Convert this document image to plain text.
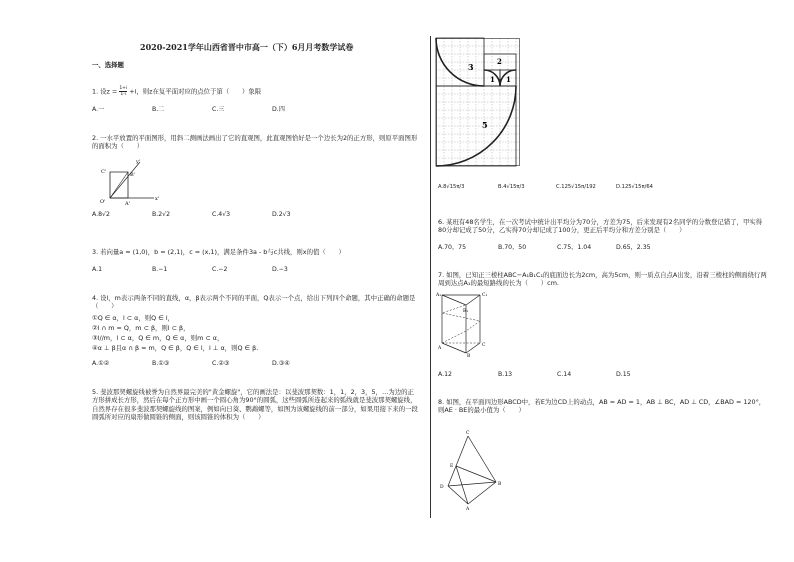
2020-2021学年山西省晋中市高一（下）6月月考数学试卷
一、选择题
1. 设$z = \frac{1+i}{1-i} +i$，则z在复平面对应的点位于第（　　）象限
A.一	B.二	C.三	D.四
2. 一水平放置的平面图形，用斜二测画法画出了它的直观图，此直观图恰好是一个边长为2的正方形，则原平面图形的面积为（　　）
y'
C'	B'
O'	A'
x'
A.8√2	B.2√2	C.4√3	D.2√3
3. 若向量a = (1,0)，b = (2,1)，c = (x,1)，满足条件3a - b与c共线，则x的值（　　）
A.1	B.−1	C.−2	D.−3
4. 设l，m表示两条不同的直线，α，β表示两个不同的平面，Q表示一个点，给出下列四个命题，其中正确的命题是（　　）
①Q ∈ α，l ⊂ α，则Q ∈ l，
②l ∩ m = Q，m ⊂ β，则l ⊂ β，
③l//m，l ⊂ α，Q ∈ m，Q ∈ α，则m ⊂ α，
④α ⊥ β且α ∩ β = m，Q ∈ β，Q ∈ l，l ⊥ α，则Q ∈ β.
A.①②	B.①③	C.②③	D.③④
5. 斐波那契螺旋线被誉为自然界最完美的"黄金螺旋"，它的画法是：以斐波那契数：1，1，2，3，5，…为边的正方形拼成长方形，然后在每个正方形中画一个圆心角为90°的圆弧，这些圆弧所连起来的弧线就是斐波那契螺旋线，自然界存在很多斐波那契螺旋线的图案，例如向日葵、鹦鹉螺等，如图为该螺旋线的前一部分，如果用接下来的一段圆弧所对应的扇形做圆锥的侧面，则该圆锥的体积为（　　）
3
2
1 1
5
A.8√15π/3	B.4√15π/3	C.125√15π/192	D.125√15π/64
6. 某班有48名学生，在一次考试中统计出平均分为70分，方差为75，后来发现有2名同学的分数登记错了，甲实得80分却记成了50分，乙实得70分却记成了100分，更正后平均分和方差分别是（　　）
A.70，75	B.70，50	C.75，1.04	D.65，2.35
7. 如图，已知正三棱柱ABC−A₁B₁C₁的底面边长为2cm，高为5cm，则一质点自点A出发，沿着三棱柱的侧面绕行两周到达点A₁的最短路线的长为（　　）cm.
A₁	C₁
B₁
A
C
B
A.12	B.13	C.14	D.15
8. 如图，在平面四边形ABCD中，若E为边CD上的动点，AB = AD = 1，AB ⊥ BC，AD ⊥ CD，∠BAD = 120°，则AE · BE的最小值为（　　）
C
E
B
D
A
